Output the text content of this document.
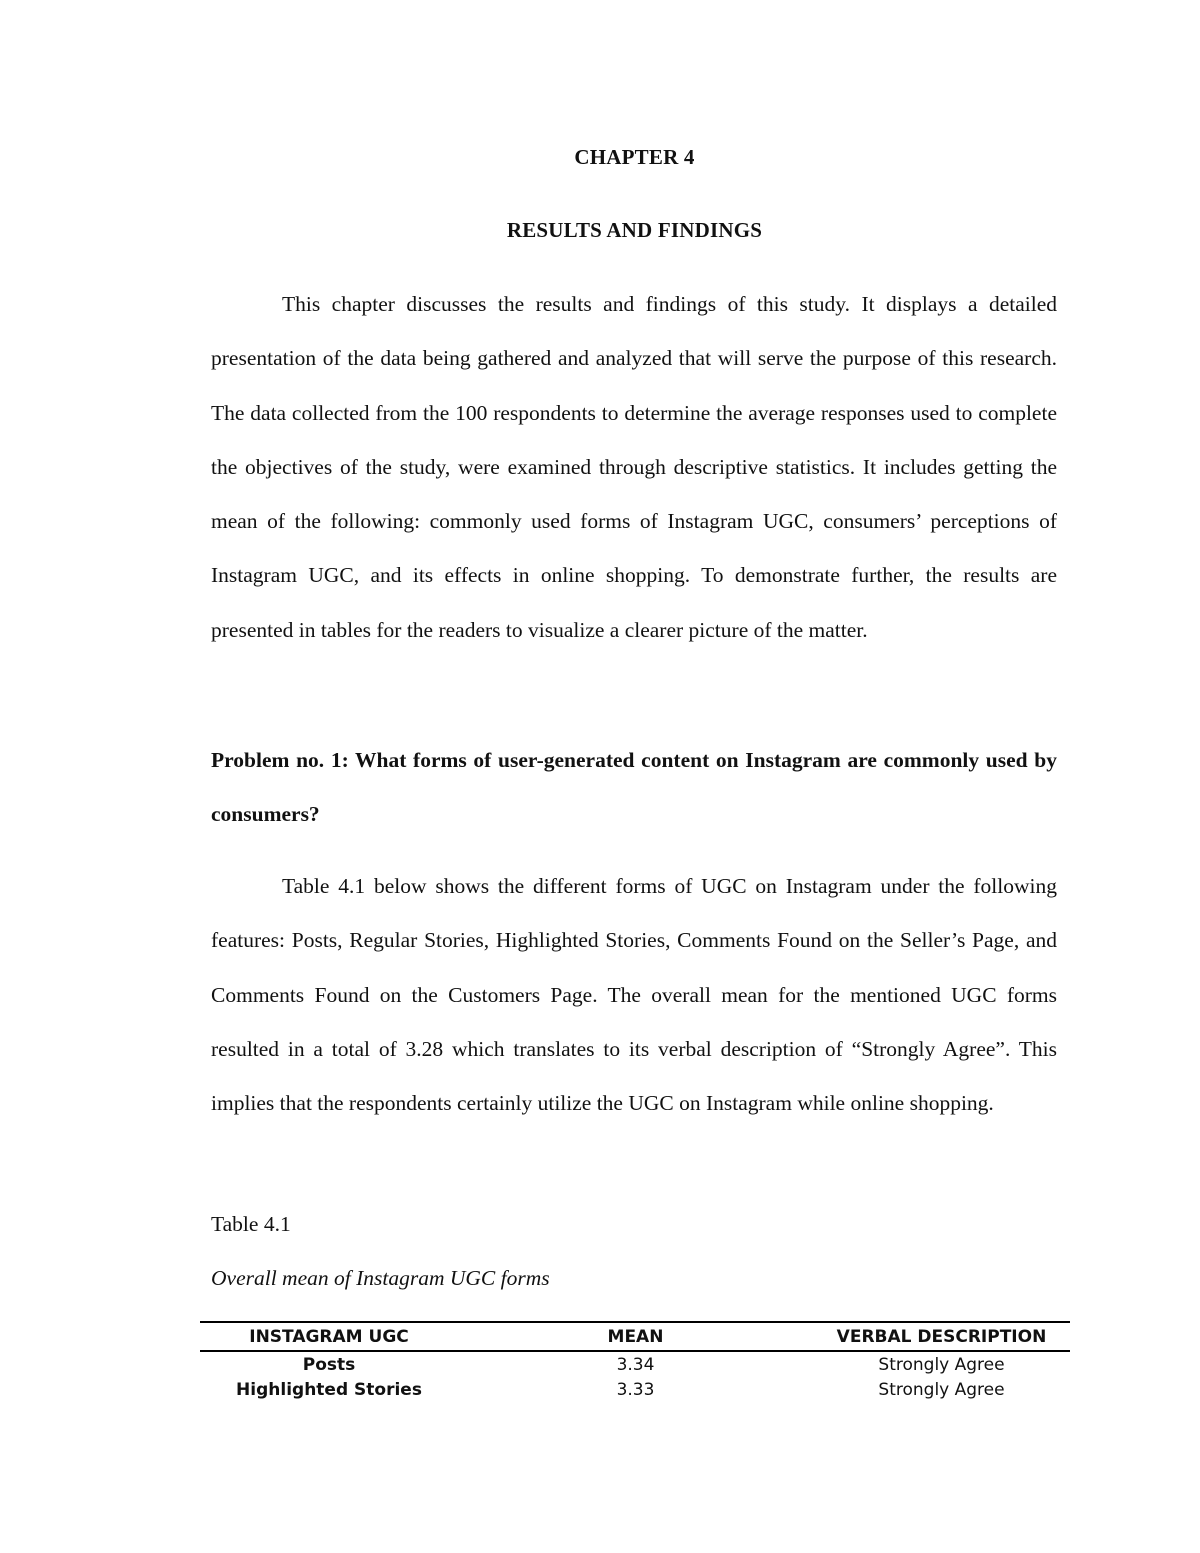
CHAPTER 4
RESULTS AND FINDINGS

This chapter discusses the results and findings of this study. It displays a detailed presentation of the data being gathered and analyzed that will serve the purpose of this research. The data collected from the 100 respondents to determine the average responses used to complete the objectives of the study, were examined through descriptive statistics. It includes getting the mean of the following: commonly used forms of Instagram UGC, consumers’ perceptions of Instagram UGC, and its effects in online shopping. To demonstrate further, the results are presented in tables for the readers to visualize a clearer picture of the matter.

Problem no. 1: What forms of user-generated content on Instagram are commonly used by consumers?

Table 4.1 below shows the different forms of UGC on Instagram under the following features: Posts, Regular Stories, Highlighted Stories, Comments Found on the Seller’s Page, and Comments Found on the Customers Page. The overall mean for the mentioned UGC forms resulted in a total of 3.28 which translates to its verbal description of “Strongly Agree”. This implies that the respondents certainly utilize the UGC on Instagram while online shopping.

Table 4.1
Overall mean of Instagram UGC forms
INSTAGRAM UGC	MEAN	VERBAL DESCRIPTION
Posts	3.34	Strongly Agree
Highlighted Stories	3.33	Strongly Agree
